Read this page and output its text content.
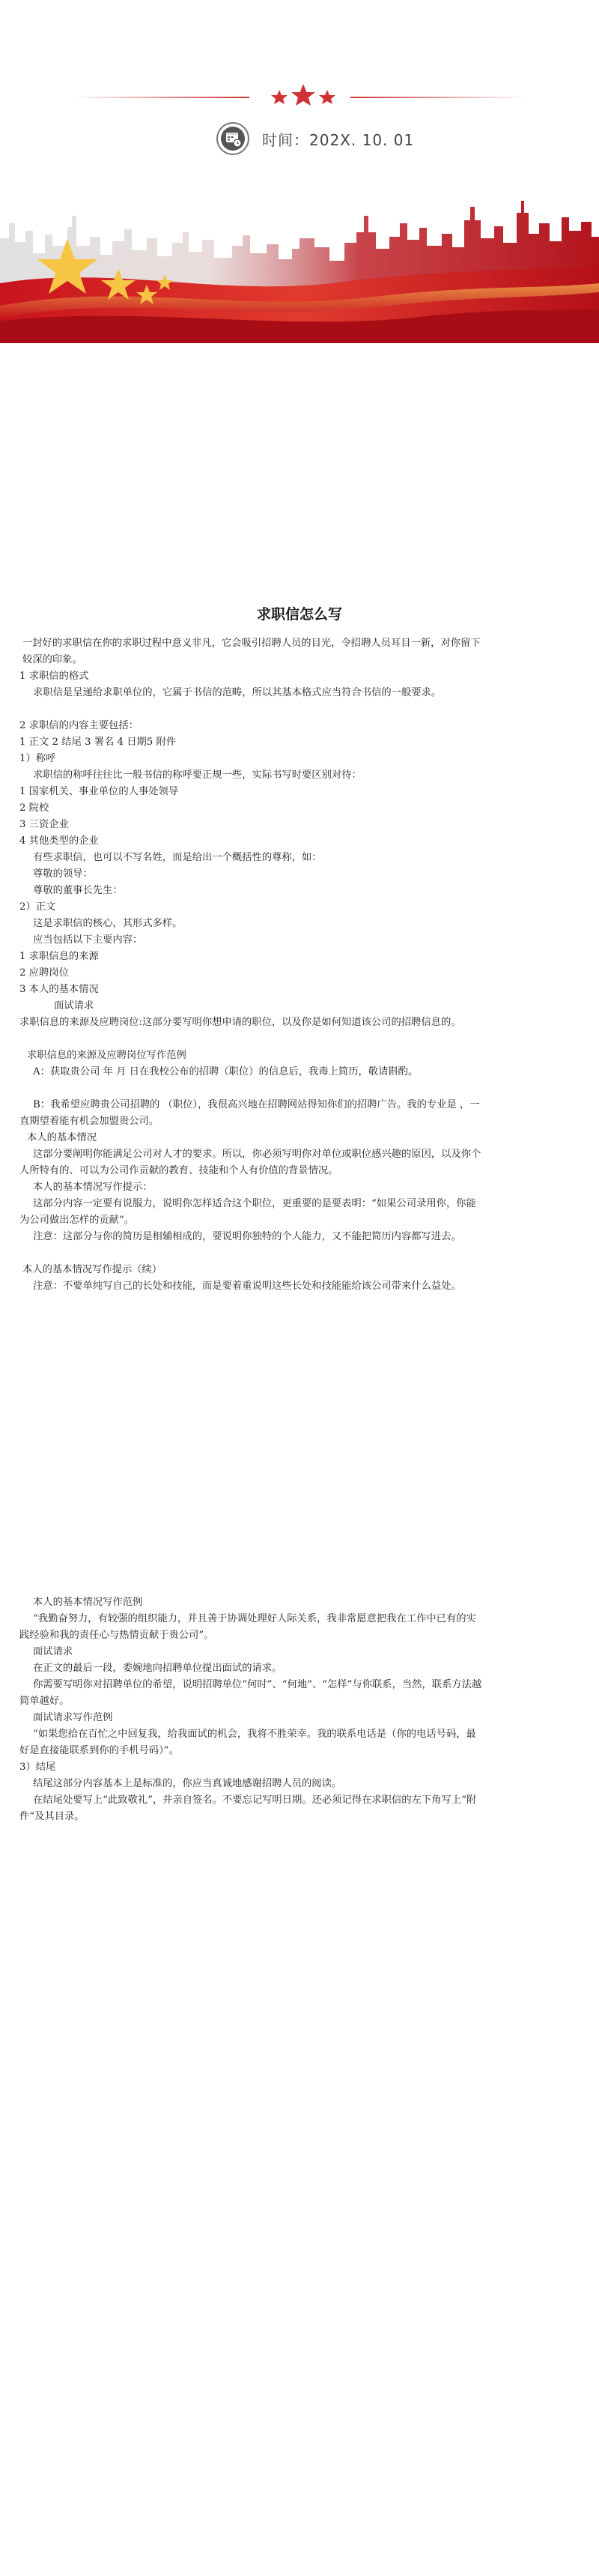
时间：202X. 10. 01
求职信怎么写
一封好的求职信在你的求职过程中意义非凡，它会吸引招聘人员的目光，令招聘人员耳目一新，对你留下较深的印象。
1 求职信的格式
求职信是呈递给求职单位的，它属于书信的范畴，所以其基本格式应当符合书信的一般要求。
2 求职信的内容主要包括：
1 正文 2 结尾 3 署名 4 日期5 附件
1）称呼
求职信的称呼往往比一般书信的称呼要正规一些，实际书写时要区别对待：
1 国家机关、事业单位的人事处领导
2 院校
3 三资企业
4 其他类型的企业
有些求职信，也可以不写名姓，而是给出一个概括性的尊称，如：
尊敬的领导：
尊敬的董事长先生：
2）正文
这是求职信的核心，其形式多样。
应当包括以下主要内容：
1 求职信息的来源
2 应聘岗位
3 本人的基本情况
面试请求
求职信息的来源及应聘岗位:这部分要写明你想申请的职位，以及你是如何知道该公司的招聘信息的。
求职信息的来源及应聘岗位写作范例
A：获取贵公司 年 月 日在我校公布的招聘（职位）的信息后，我毒上简历，敬请斟酌。
B：我希望应聘贵公司招聘的 （职位），我很高兴地在招聘网站得知你们的招聘广告。我的专业是 ，一直期望着能有机会加盟贵公司。
本人的基本情况
这部分要阐明你能满足公司对人才的要求。所以，你必须写明你对单位或职位感兴趣的原因，以及你个人所特有的、可以为公司作贡献的教育、技能和个人有价值的背景情况。
本人的基本情况写作提示：
这部分内容一定要有说服力，说明你怎样适合这个职位，更重要的是要表明：“如果公司录用你，你能为公司做出怎样的贡献”。
注意：这部分与你的简历是相辅相成的，要说明你独特的个人能力，又不能把简历内容都写进去。
本人的基本情况写作提示（续）
注意：不要单纯写自己的长处和技能，而是要着重说明这些长处和技能能给该公司带来什么益处。
本人的基本情况写作范例
“我勤奋努力，有较强的组织能力，并且善于协调处理好人际关系，我非常愿意把我在工作中已有的实践经验和我的责任心与热情贡献于贵公司”。
面试请求
在正文的最后一段，委婉地向招聘单位提出面试的请求。
你需要写明你对招聘单位的希望，说明招聘单位“何时”、“何地”、“怎样”与你联系，当然，联系方法越简单越好。
面试请求写作范例
“如果您拾在百忙之中回复我，给我面试的机会，我将不胜荣幸。我的联系电话是（你的电话号码，最好是直接能联系到你的手机号码）”。
3）结尾
结尾这部分内容基本上是标准的，你应当真诚地感谢招聘人员的阅读。
在结尾处要写上“此致敬礼”，并亲自签名。不要忘记写明日期。还必须记得在求职信的左下角写上“附件”及其目录。
